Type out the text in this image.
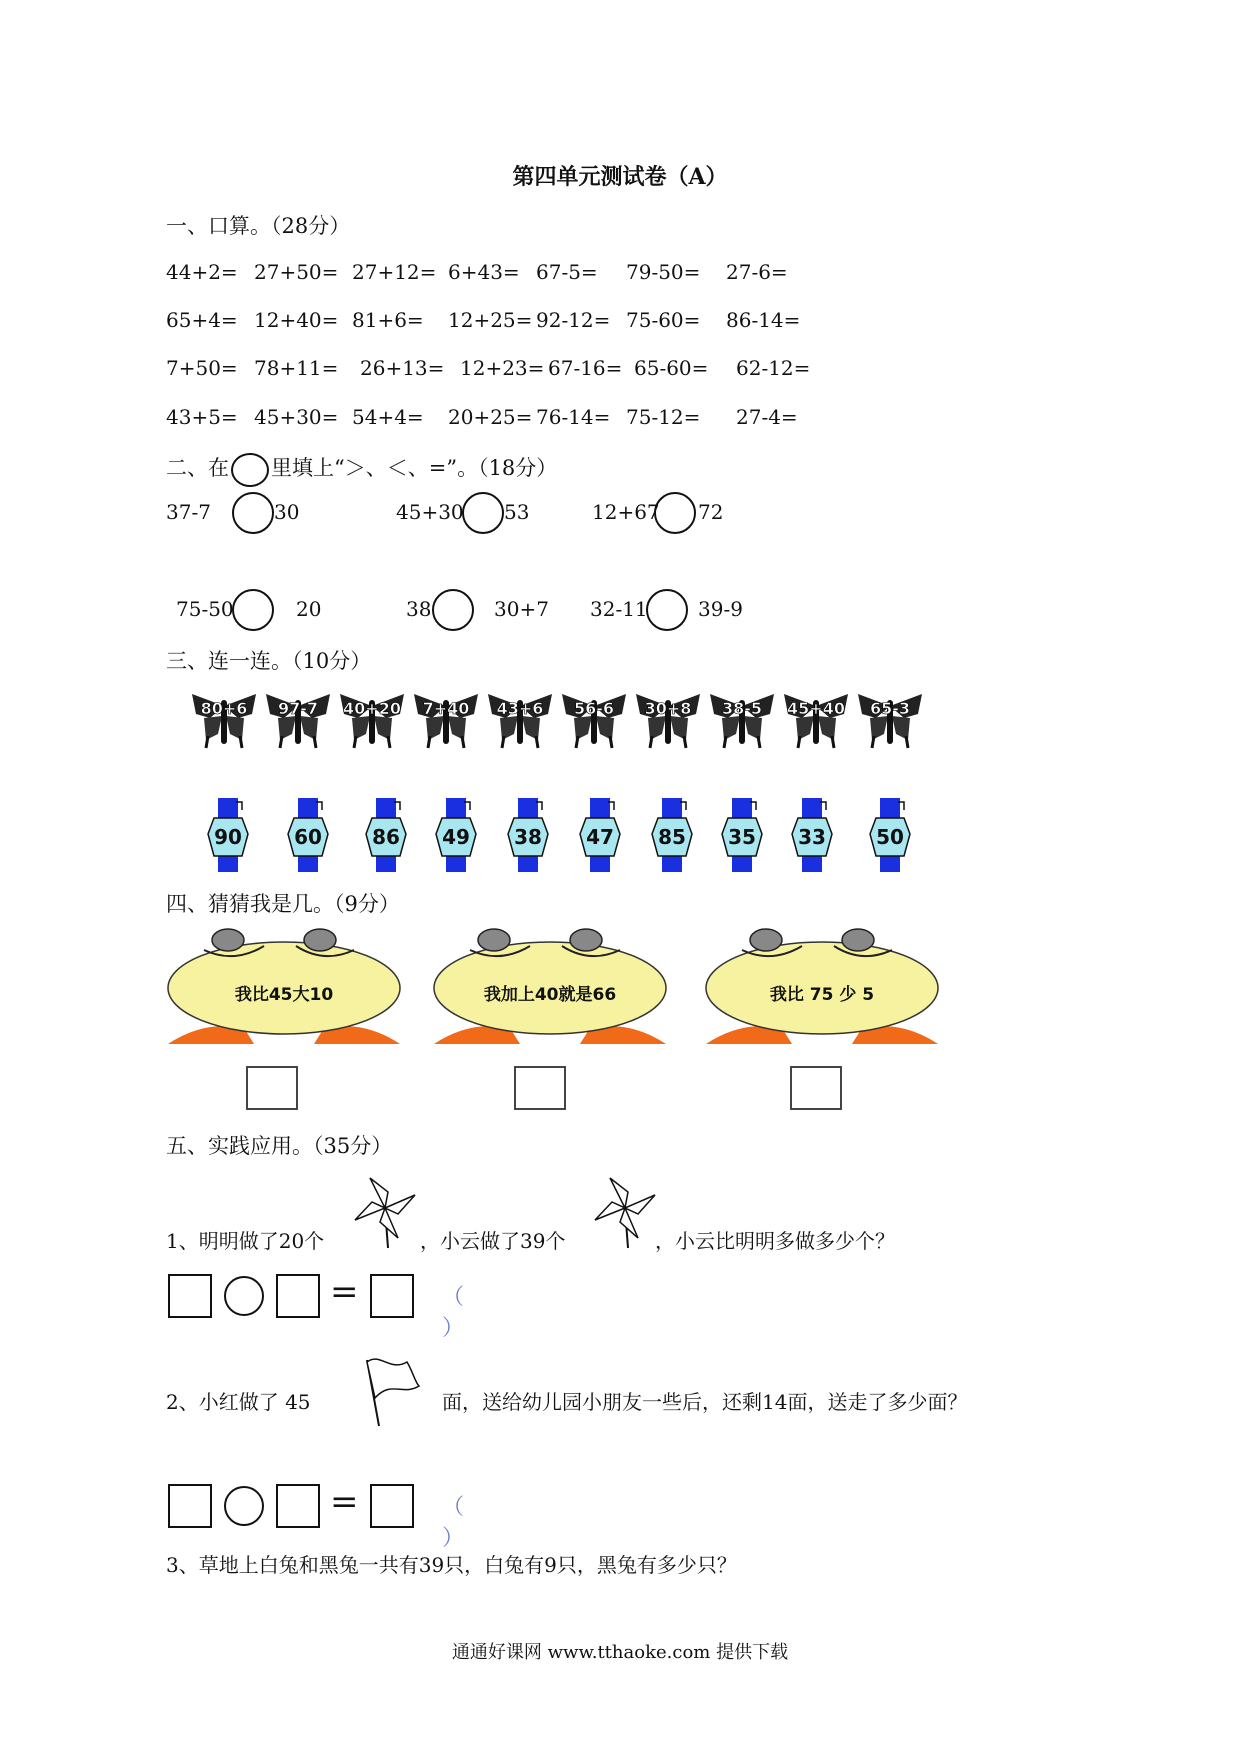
第四单元测试卷（A）
一、口算。（28分）
44+2= 27+50= 27+12= 6+43= 67-5= 79-50= 27-6=
65+4= 12+40= 81+6= 12+25= 92-12= 75-60= 86-14=
7+50= 78+11= 26+13= 12+23= 67-16= 65-60= 62-12=
43+5= 45+30= 54+4= 20+25= 76-14= 75-12= 27-4=
二、在 里填上“＞、＜、=”。（18分）
37-7	30	45+30 53	12+67 72
75-50	20	38	30+7 32-11	39-9
三、连一连。（10分）
80+6 97-7 40+20 7+40 43+6 56-6 30+8 38-5 45+40 65-3
90	60	86 49 38 47 85 35 33	50
四、猜猜我是几。（9分）
我比45大10	我加上40就是66	我比 75 少 5
五、实践应用。（35分）
1、明明做了20个	，小云做了39个	，小云比明明多做多少个？
=	（ ）
2、小红做了 45	面，送给幼儿园小朋友一些后，还剩14面，送走了多少面？
=	（ ）
3、草地上白兔和黑兔一共有39只，白兔有9只，黑兔有多少只？
通通好课网 www.tthaoke.com 提供下载
